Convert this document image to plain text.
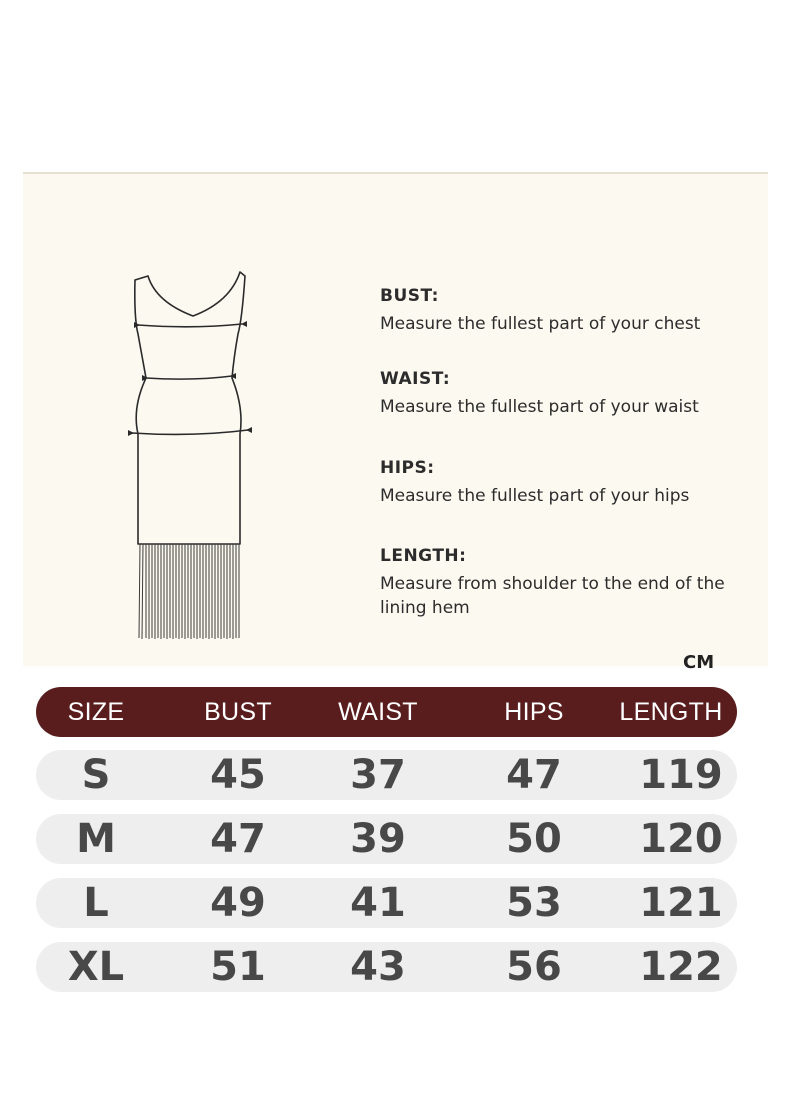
BUST:
Measure the fullest part of your chest
WAIST:
Measure the fullest part of your waist
HIPS:
Measure the fullest part of your hips
LENGTH:
Measure from shoulder to the end of the lining hem
CM
SIZE	BUST	WAIST	HIPS	LENGTH
S	45	37	47	119
M	47	39	50	120
L	49	41	53	121
XL	51	43	56	122
